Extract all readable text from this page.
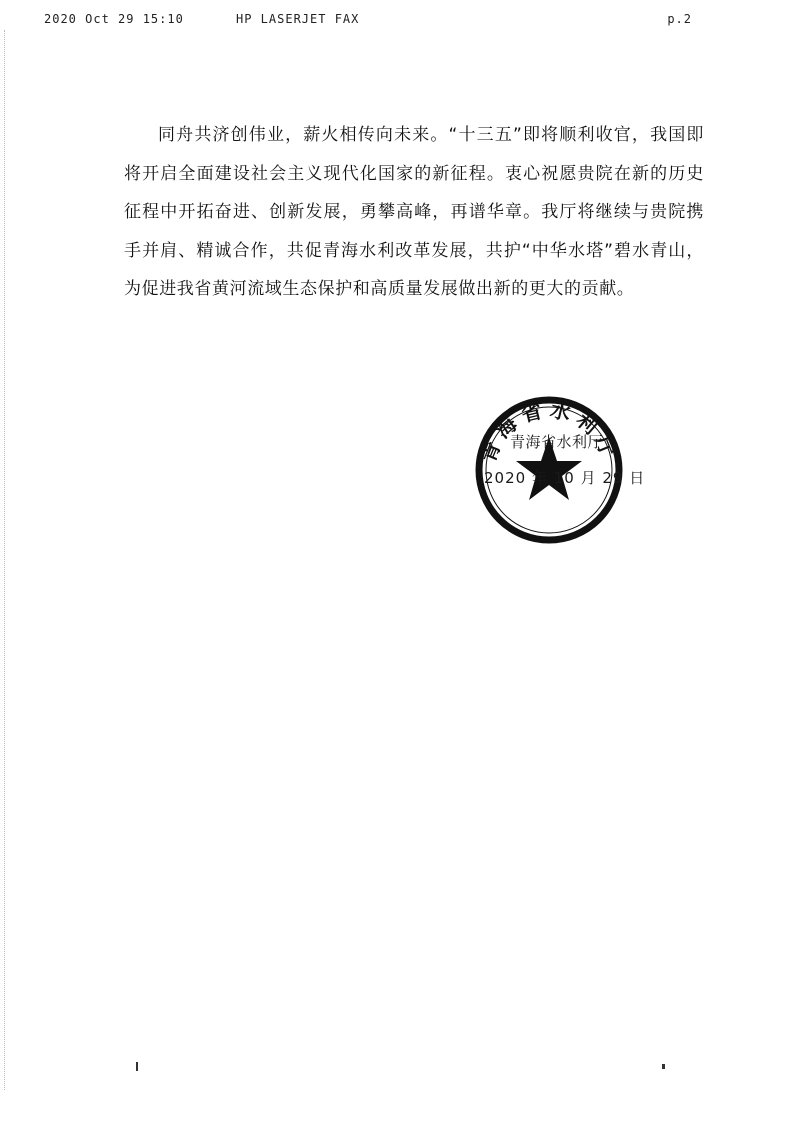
2020 Oct 29 15:10	HP LASERJET FAX	p.2

同舟共济创伟业，薪火相传向未来。“十三五”即将顺利收官，我国即将开启全面建设社会主义现代化国家的新征程。衷心祝愿贵院在新的历史征程中开拓奋进、创新发展，勇攀高峰，再谱华章。我厅将继续与贵院携手并肩、精诚合作，共促青海水利改革发展，共护“中华水塔”碧水青山，为促进我省黄河流域生态保护和高质量发展做出新的更大的贡献。

青海省水利厅
青海省水利厅
2020 年 10 月 29 日
